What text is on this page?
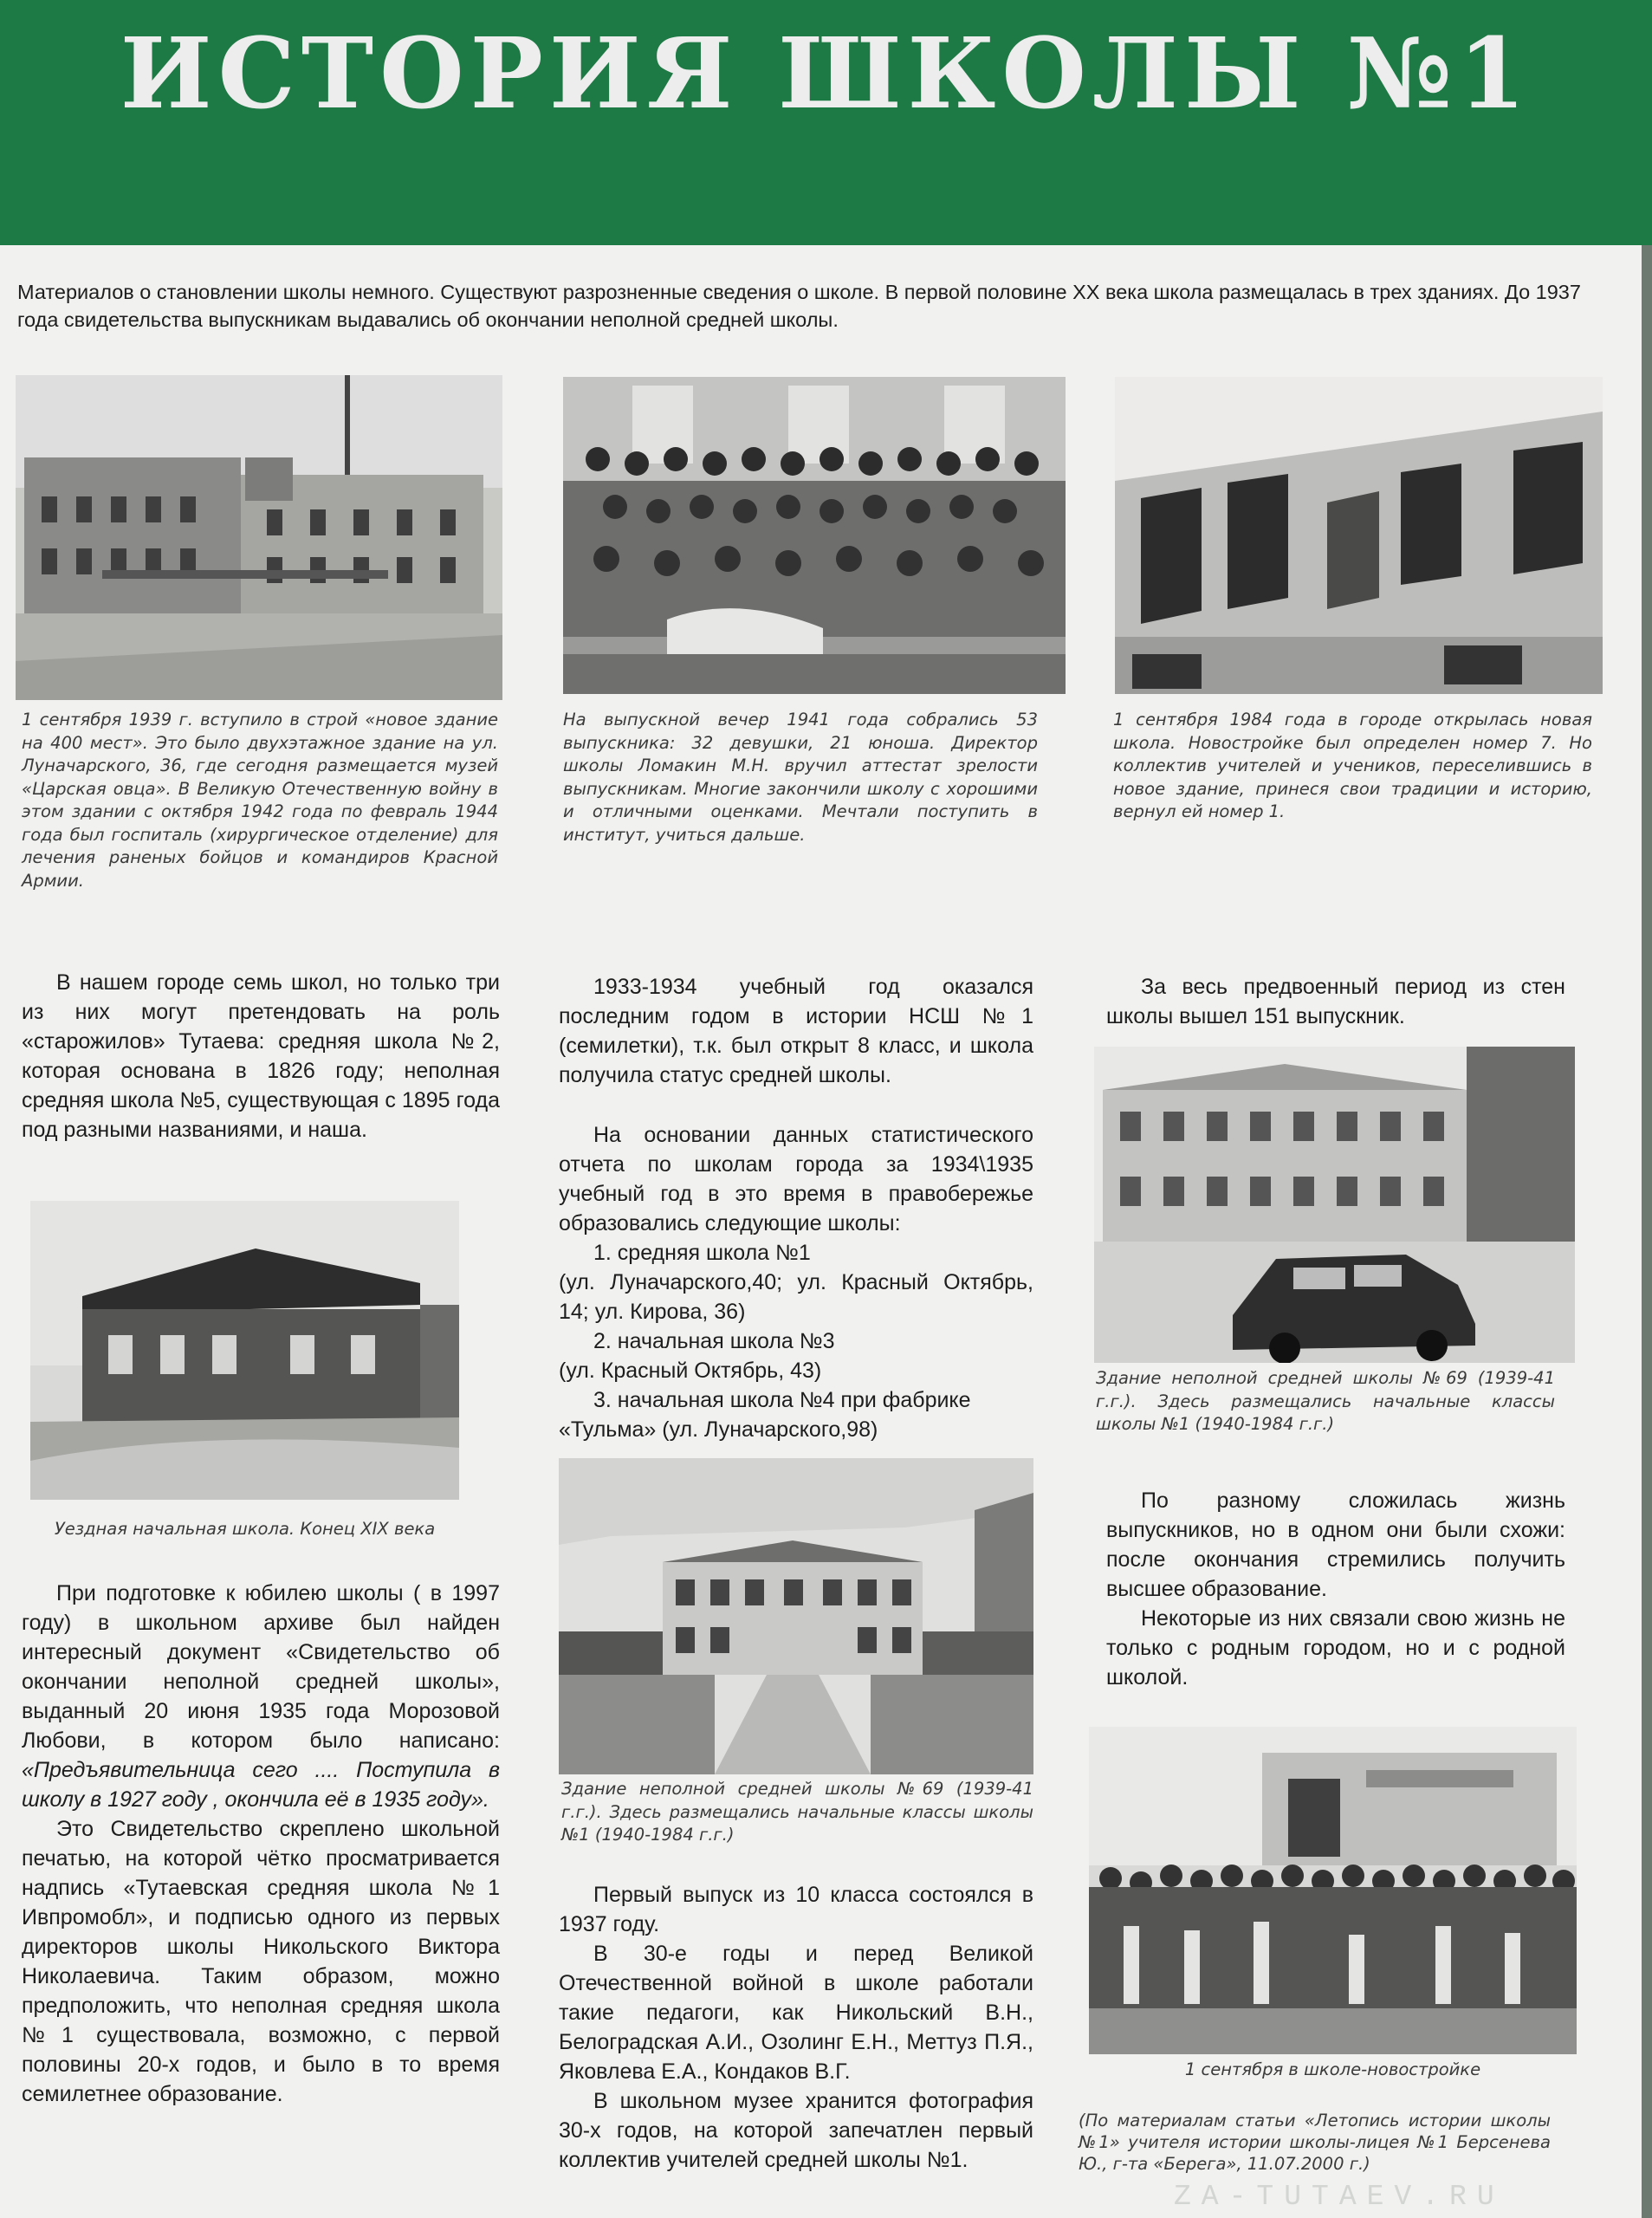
ИСТОРИЯ ШКОЛЫ №1
Материалов о становлении школы немного. Существуют разрозненные сведения о школе. В первой половине XX века школа размещалась в трех зданиях. До 1937 года свидетельства выпускникам выдавались об окончании неполной средней школы.
1 сентября 1939 г. вступило в строй «новое здание на 400 мест». Это было двухэтажное здание на ул. Луначарского, 36, где сегодня размещается музей «Царская овца». В Великую Отечественную войну в этом здании с октября 1942 года по февраль 1944 года был госпиталь (хирургическое отделение) для лечения раненых бойцов и командиров Красной Армии.
В нашем городе семь школ, но только три из них могут претендовать на роль «старожилов» Тутаева: средняя школа №2, которая основана в 1826 году; неполная средняя школа №5, существующая с 1895 года под разными названиями, и наша.
Уездная начальная школа. Конец XIX века

При подготовке к юбилею школы ( в 1997 году) в школьном архиве был найден интересный документ «Свидетельство об окончании неполной средней школы», выданный 20 июня 1935 года Морозовой Любови, в котором было написано: «Предъявительница сего .... Поступила в школу в 1927 году , окончила её в 1935 году».

Это Свидетельство скреплено школьной печатью, на которой чётко просматривается надпись «Тутаевская средняя школа №1 Ивпромобл», и подписью одного из первых директоров школы Никольского Виктора Николаевича. Таким образом, можно предположить, что неполная средняя школа №1 существовала, возможно, с первой половины 20-х годов, и было в то время семилетнее образование.

На выпускной вечер 1941 года собрались 53 выпускника: 32 девушки, 21 юноша. Директор школы Ломакин М.Н. вручил аттестат зрелости выпускникам. Многие закончили школу с хорошими и отличными оценками. Мечтали поступить в институт, учиться дальше.
1933-1934 учебный год оказался последним годом в истории НСШ №1 (семилетки), т.к. был открыт 8 класс, и школа получила статус средней школы.

На основании данных статистического отчета по школам города за 1934\1935 учебный год в это время в правобережье образовались следующие школы:

1. средняя школа №1

(ул. Луначарского,40; ул. Красный Октябрь, 14; ул. Кирова, 36)

2. начальная школа №3

(ул. Красный Октябрь, 43)

3. начальная школа №4 при фабрике

«Тульма» (ул. Луначарского,98)

Здание неполной средней школы №69 (1939-41 г.г.). Здесь размещались начальные классы школы №1 (1940-1984 г.г.)

Первый выпуск из 10 класса состоялся в 1937 году.

В 30-е годы и перед Великой Отечественной войной в школе работали такие педагоги, как Никольский В.Н., Белоградская А.И., Озолинг Е.Н., Меттуз П.Я., Яковлева Е.А., Кондаков В.Г.

В школьном музее хранится фотография 30-х годов, на которой запечатлен первый коллектив учителей средней школы №1.

1 сентября 1984 года в городе открылась новая школа. Новостройке был определен номер 7. Но коллектив учителей и учеников, переселившись в новое здание, принеся свои традиции и историю, вернул ей номер 1.
За весь предвоенный период из стен школы вышел 151 выпускник.
Здание неполной средней школы №69 (1939-41 г.г.). Здесь размещались начальные классы школы №1 (1940-1984 г.г.)

По разному сложилась жизнь выпускников, но в одном они были схожи: после окончания стремились получить высшее образование.

Некоторые из них связали свою жизнь не только с родным городом, но и с родной школой.

1 сентября в школе-новостройке
(По материалам статьи «Летопись истории школы №1» учителя истории школы-лицея №1 Берсенева Ю., г-та «Берега», 11.07.2000 г.)
ZA-TUTAEV.RU
